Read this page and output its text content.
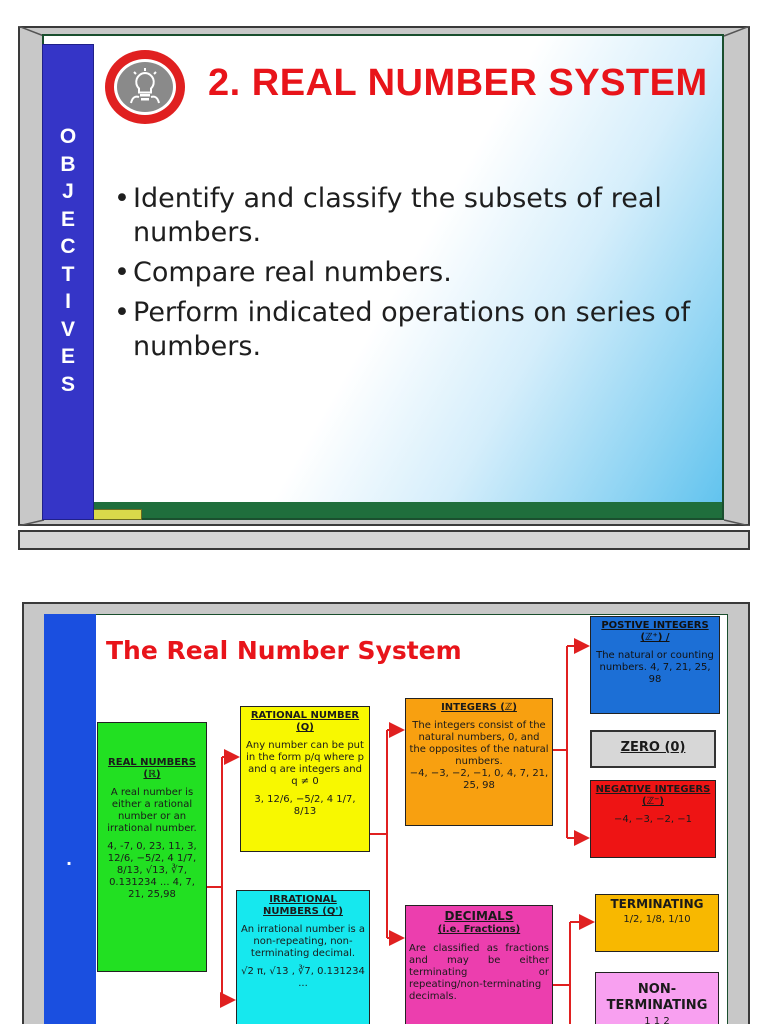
O
B
J
E
C
T
I
V
E
S
2. REAL NUMBER SYSTEM
• Identify and classify the subsets of real numbers.
• Compare real numbers.
• Perform indicated operations on series of numbers.
.
The Real Number System
REAL NUMBERS (ℝ)
A real number is either a rational number or an irrational number.
4, -7, 0, 23, 11, 3, 12/6, −5/2, 4 1/7, 8/13, √13, ∛7, 0.131234 ... 4, 7, 21, 25,98
RATIONAL NUMBER (Q)
Any number can be put in the form p/q where p and q are integers and q ≠ 0
3, 12/6, −5/2, 4 1/7, 8/13
IRRATIONAL NUMBERS (Q')
An irrational number is a non-repeating, non-terminating decimal.
√2 π, √13 , ∛7, 0.131234 ...
INTEGERS (ℤ)
The integers consist of the natural numbers, 0, and the opposites of the natural numbers.
−4, −3, −2, −1, 0, 4, 7, 21, 25, 98
DECIMALS
(i.e. Fractions)
Are classified as fractions and may be either terminating or repeating/non-terminating decimals.
POSTIVE INTEGERS (ℤ⁺) /
The natural or counting numbers. 4, 7, 21, 25, 98
ZERO (0)
NEGATIVE INTEGERS (ℤ⁻)
−4, −3, −2, −1
TERMINATING
1/2, 1/8, 1/10
NON-TERMINATING
1 1 2
